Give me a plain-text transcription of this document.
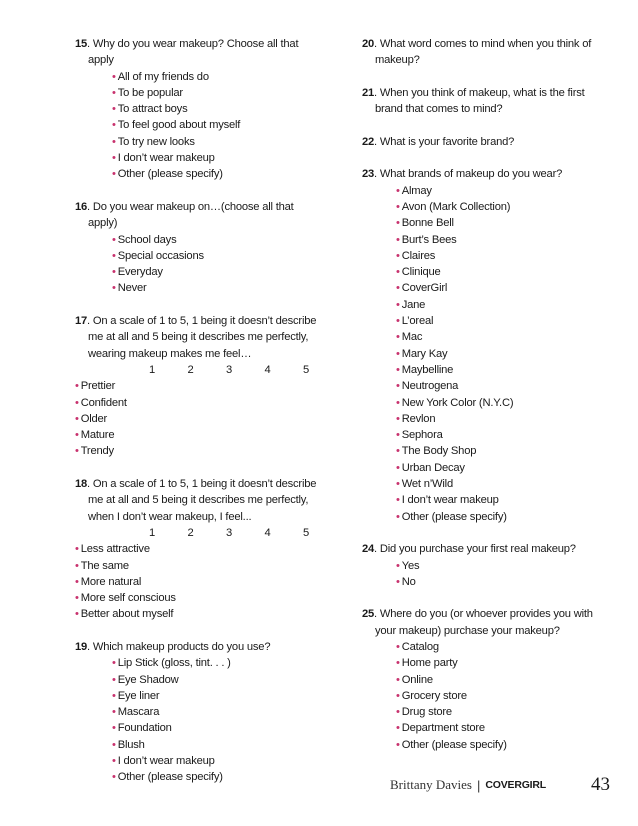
15. Why do you wear makeup? Choose all that apply
• All of my friends do
• To be popular
• To attract boys
• To feel good about myself
• To try new looks
• I don’t wear makeup
• Other (please specify)
16. Do you wear makeup on…(choose all that apply)
• School days
• Special occasions
• Everyday
• Never
17. On a scale of 1 to 5, 1 being it doesn’t describe me at all and 5 being it describes me perfectly, wearing makeup makes me feel…
1	2	3	4	5
• Prettier
• Confident
• Older
• Mature
• Trendy
18. On a scale of 1 to 5, 1 being it doesn’t describe me at all and 5 being it describes me perfectly, when I don’t wear makeup, I feel...
1	2	3	4	5
• Less attractive
• The same
• More natural
• More self conscious
• Better about myself
19. Which makeup products do you use?
• Lip Stick (gloss, tint. . . )
• Eye Shadow
• Eye liner
• Mascara
• Foundation
• Blush
• I don’t wear makeup
• Other (please specify)
20. What word comes to mind when you think of makeup?
21. When you think of makeup, what is the first brand that comes to mind?
22. What is your favorite brand?
23. What brands of makeup do you wear?
• Almay
• Avon (Mark Collection)
• Bonne Bell
• Burt’s Bees
• Claires
• Clinique
• CoverGirl
• Jane
• L’oreal
• Mac
• Mary Kay
• Maybelline
• Neutrogena
• New York Color (N.Y.C)
• Revlon
• Sephora
• The Body Shop
• Urban Decay
• Wet n’Wild
• I don’t wear makeup
• Other (please specify)
24. Did you purchase your first real makeup?
• Yes
• No
25. Where do you (or whoever provides you with your makeup) purchase your makeup?
• Catalog
• Home party
• Online
• Grocery store
• Drug store
• Department store
• Other (please specify)
Brittany Davies | COVERGIRL 43
